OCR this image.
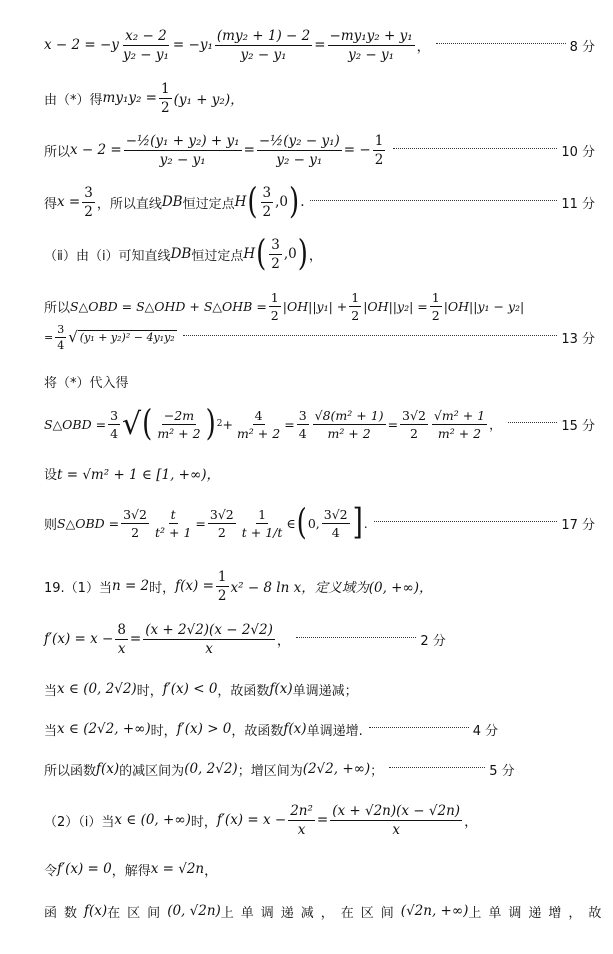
$x - 2 = -y \frac{\text{x₂ − 2}}{\text{y₂ − y₁}} = -y_1 \frac{\text{(my₂ + 1) − 2}}{\text{y₂ − y₁}} = \frac{\text{−my₁y₂ + y₁}}{\text{y₂ − y₁}}$ ，	8 分
由（*）得 $my_1y_2 = \frac{1}{2} (y_1 + y_2)$，
所以 $x - 2 = \frac{\text{−½(y₁ + y₂) + y₁}}{\text{y₂ − y₁}} = \frac{\text{−½(y₂ − y₁)}}{\text{y₂ − y₁}}$ = − $\frac{1}{2}$	10 分
得 $x = \frac{3}{2}$ ，所以直线 DB 恒过定点 H ( $\frac{3}{2} ,0$ ) .	11 分
（ⅱ）由（ⅰ）可知直线 DB 恒过定点 H ( $\frac{3}{2} ,0$ ) ，
所以 S△OBD = S△OHD + S△OHB = $\frac{1}{2} |OH||y_1| + \frac{1}{2} |OH||y_2| = \frac{1}{2} |OH||y_1 - y_2|$
= $\frac{3}{4}$ √ (y₁ + y₂)² − 4y₁y₂	13 分
将（*）代入得
S△OBD = $\frac{3}{4}$ √ ( $\frac{-2m}{\text{m² + 2}}$ ) $2 + \frac{4}{\text{m² + 2}} = \frac{3}{4} \frac{\text{√8(m² + 1)}}{\text{m² + 2}} = \frac{3√2}{2} \frac{\text{√m² + 1}}{\text{m² + 2}}$ ，	15 分
设 t = √m² + 1 ∈ [1, +∞)，
则 S△OBD = $\frac{3√2}{2} \frac{t}{\text{t² + 1}} = \frac{3√2}{2} \frac{1}{t + 1/t}$ ∈ ( 0, $\frac{3√2}{4}$ ] .	17 分
19.（1）当 n = 2 时， $f(x) = \frac{1}{2} x^2 - 8$ ln x，定义域为(0, +∞)，
$f'(x) = x - \frac{8}{x} = \frac{(x + 2√2)(x - 2√2)}{x}$ ，	2 分
当 x ∈ (0, 2√2) 时， f′(x) < 0 ，故函数 f(x) 单调递减；
当 x ∈ (2√2, +∞) 时， f′(x) > 0 ，故函数 f(x) 单调递增.	4 分
所以函数 f(x) 的减区间为 (0, 2√2) ；增区间为 (2√2, +∞) ；	5 分
（2）（ⅰ）当 x ∈ (0, +∞) 时， $f'(x) = x - \frac{\text{2n²}}{x} = \frac{(x + √2n)(x - √2n)}{x}$ ，
令 f′(x) = 0 ，解得 x = √2n ，
函数 f(x) 在区间 (0, √2n) 上单调递减，在区间 (√2n, +∞) 上单调递增，故
